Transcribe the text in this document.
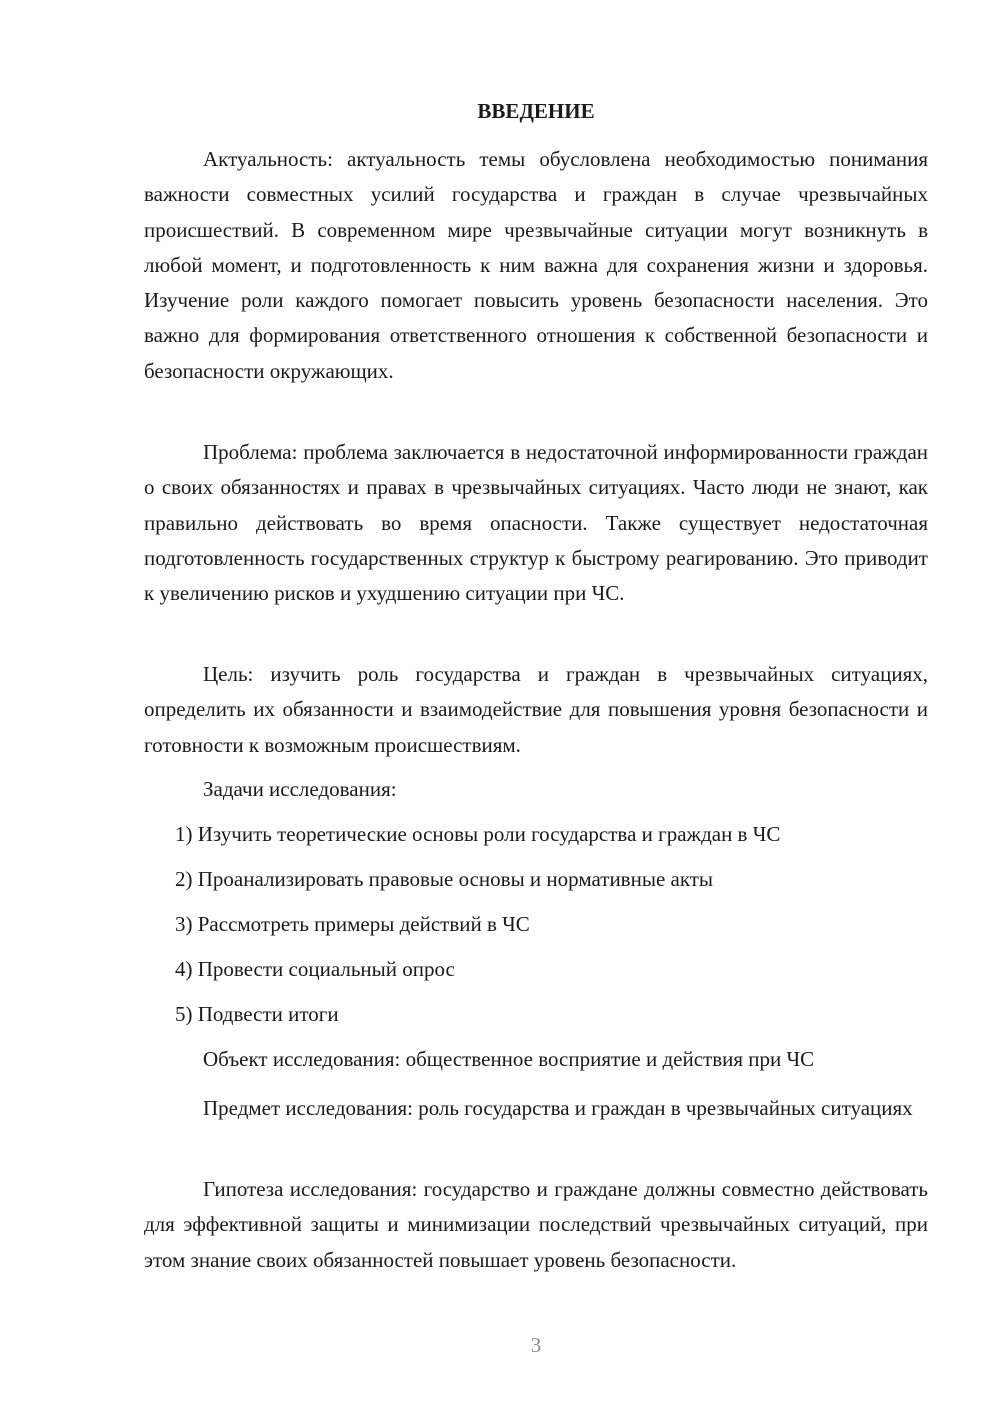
ВВЕДЕНИЕ

Актуальность: актуальность темы обусловлена необходимостью понимания важности совместных усилий государства и граждан в случае чрезвычайных происшествий. В современном мире чрезвычайные ситуации могут возникнуть в любой момент, и подготовленность к ним важна для сохранения жизни и здоровья. Изучение роли каждого помогает повысить уровень безопасности населения. Это важно для формирования ответственного отношения к собственной безопасности и безопасности окружающих.

Проблема: проблема заключается в недостаточной информированности граждан о своих обязанностях и правах в чрезвычайных ситуациях. Часто люди не знают, как правильно действовать во время опасности. Также существует недостаточная подготовленность государственных структур к быстрому реагированию. Это приводит к увеличению рисков и ухудшению ситуации при ЧС.

Цель: изучить роль государства и граждан в чрезвычайных ситуациях, определить их обязанности и взаимодействие для повышения уровня безопасности и готовности к возможным происшествиям.

Задачи исследования:

1) Изучить теоретические основы роли государства и граждан в ЧС

2) Проанализировать правовые основы и нормативные акты

3) Рассмотреть примеры действий в ЧС

4) Провести социальный опрос

5) Подвести итоги

Объект исследования: общественное восприятие и действия при ЧС

Предмет исследования: роль государства и граждан в чрезвычайных ситуациях

Гипотеза исследования: государство и граждане должны совместно действовать для эффективной защиты и минимизации последствий чрезвычайных ситуаций, при этом знание своих обязанностей повышает уровень безопасности.

3
